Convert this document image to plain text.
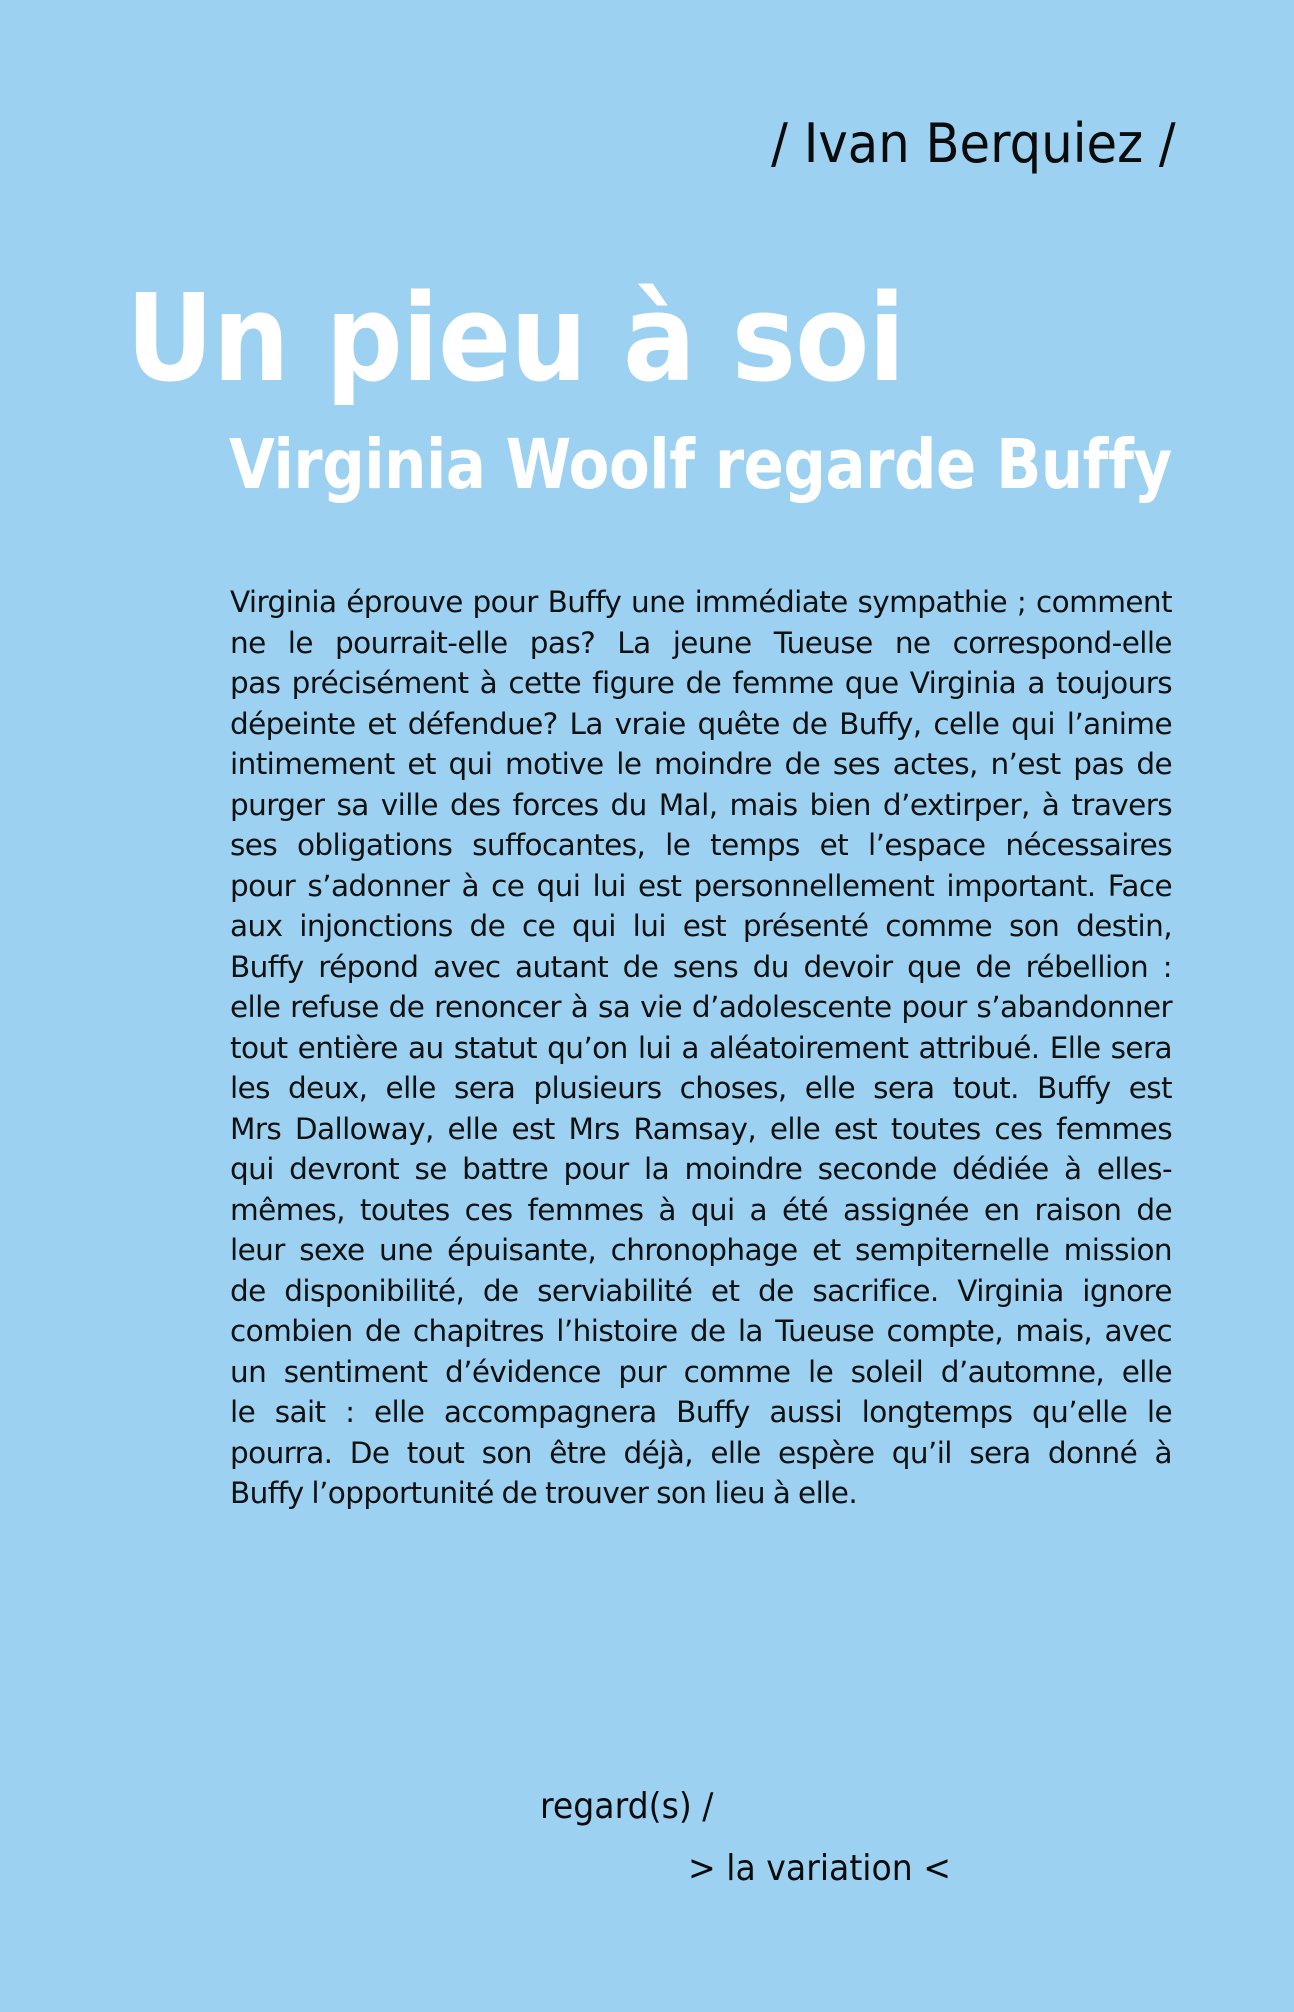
/ Ivan Berquiez /
Un pieu à soi
Virginia Woolf regarde Buffy
Virginia éprouve pour Buffy une immédiate sympathie ; comment
ne le pourrait-elle pas? La jeune Tueuse ne correspond-elle
pas précisément à cette figure de femme que Virginia a toujours
dépeinte et défendue? La vraie quête de Buffy, celle qui l’anime
intimement et qui motive le moindre de ses actes, n’est pas de
purger sa ville des forces du Mal, mais bien d’extirper, à travers
ses obligations suffocantes, le temps et l’espace nécessaires
pour s’adonner à ce qui lui est personnellement important. Face
aux injonctions de ce qui lui est présenté comme son destin,
Buffy répond avec autant de sens du devoir que de rébellion :
elle refuse de renoncer à sa vie d’adolescente pour s’abandonner
tout entière au statut qu’on lui a aléatoirement attribué. Elle sera
les deux, elle sera plusieurs choses, elle sera tout. Buffy est
Mrs Dalloway, elle est Mrs Ramsay, elle est toutes ces femmes
qui devront se battre pour la moindre seconde dédiée à elles-
mêmes, toutes ces femmes à qui a été assignée en raison de
leur sexe une épuisante, chronophage et sempiternelle mission
de disponibilité, de serviabilité et de sacrifice. Virginia ignore
combien de chapitres l’histoire de la Tueuse compte, mais, avec
un sentiment d’évidence pur comme le soleil d’automne, elle
le sait : elle accompagnera Buffy aussi longtemps qu’elle le
pourra. De tout son être déjà, elle espère qu’il sera donné à
Buffy l’opportunité de trouver son lieu à elle.
regard(s) /
> la variation <
